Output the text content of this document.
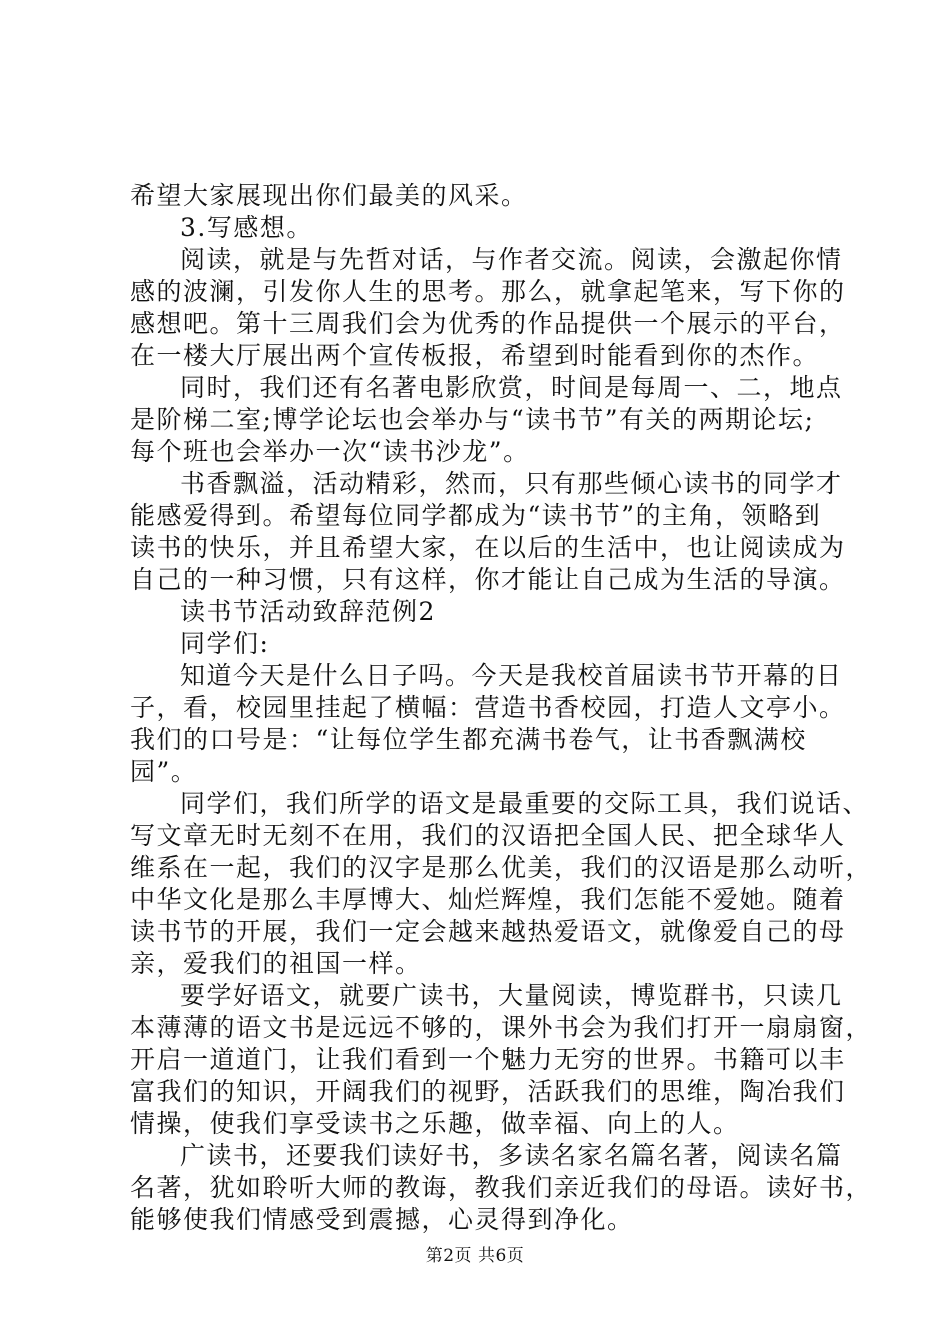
希望大家展现出你们最美的风采。
3.写感想。
阅读，就是与先哲对话，与作者交流。阅读，会激起你情
感的波澜，引发你人生的思考。那么，就拿起笔来，写下你的
感想吧。第十三周我们会为优秀的作品提供一个展示的平台，
在一楼大厅展出两个宣传板报，希望到时能看到你的杰作。
同时，我们还有名著电影欣赏，时间是每周一、二，地点
是阶梯二室;博学论坛也会举办与“读书节”有关的两期论坛;
每个班也会举办一次“读书沙龙”。
书香飘溢，活动精彩，然而，只有那些倾心读书的同学才
能感爱得到。希望每位同学都成为“读书节”的主角，领略到
读书的快乐，并且希望大家，在以后的生活中，也让阅读成为
自己的一种习惯，只有这样，你才能让自己成为生活的导演。
读书节活动致辞范例2
同学们:
知道今天是什么日子吗。今天是我校首届读书节开幕的日
子，看，校园里挂起了横幅：营造书香校园，打造人文亭小。
我们的口号是：“让每位学生都充满书卷气，让书香飘满校
园”。
同学们，我们所学的语文是最重要的交际工具，我们说话、
写文章无时无刻不在用，我们的汉语把全国人民、把全球华人
维系在一起，我们的汉字是那么优美，我们的汉语是那么动听，
中华文化是那么丰厚博大、灿烂辉煌，我们怎能不爱她。随着
读书节的开展，我们一定会越来越热爱语文，就像爱自己的母
亲，爱我们的祖国一样。
要学好语文，就要广读书，大量阅读，博览群书，只读几
本薄薄的语文书是远远不够的，课外书会为我们打开一扇扇窗，
开启一道道门，让我们看到一个魅力无穷的世界。书籍可以丰
富我们的知识，开阔我们的视野，活跃我们的思维，陶冶我们
情操，使我们享受读书之乐趣，做幸福、向上的人。
广读书，还要我们读好书，多读名家名篇名著，阅读名篇
名著，犹如聆听大师的教诲，教我们亲近我们的母语。读好书，
能够使我们情感受到震撼，心灵得到净化。
第2页 共6页
